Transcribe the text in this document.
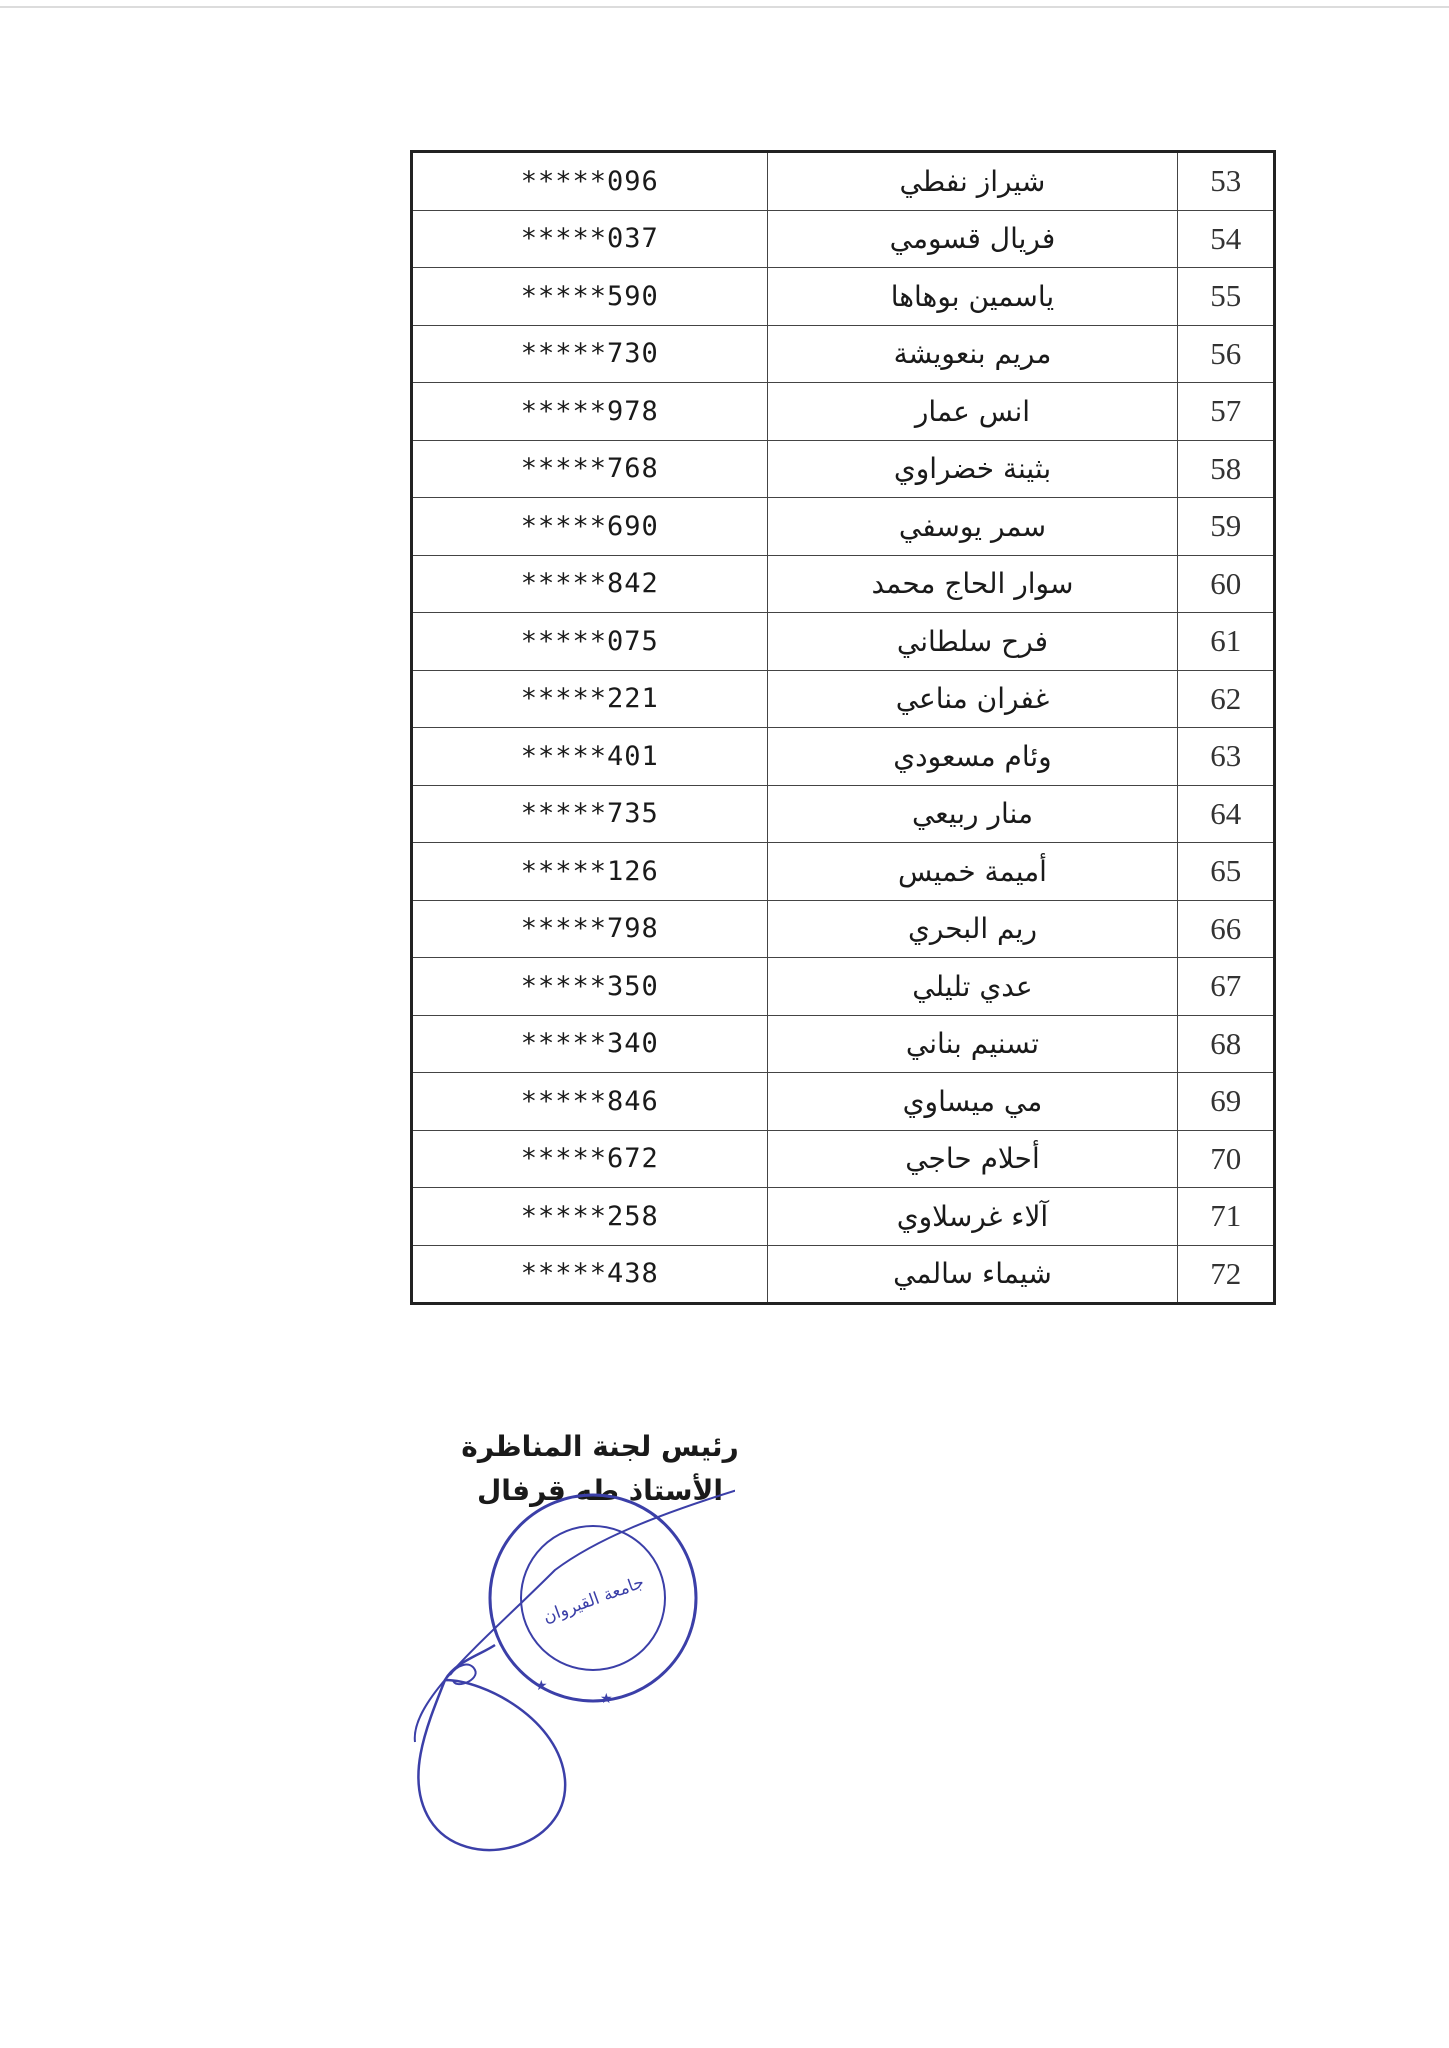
*****096	شيراز نفطي	53
*****037	فريال قسومي	54
*****590	ياسمين بوهاها	55
*****730	مريم بنعويشة	56
*****978	انس عمار	57
*****768	بثينة خضراوي	58
*****690	سمر يوسفي	59
*****842	سوار الحاج محمد	60
*****075	فرح سلطاني	61
*****221	غفران مناعي	62
*****401	وئام مسعودي	63
*****735	منار ربيعي	64
*****126	أميمة خميس	65
*****798	ريم البحري	66
*****350	عدي تليلي	67
*****340	تسنيم بناني	68
*****846	مي ميساوي	69
*****672	أحلام حاجي	70
*****258	آلاء غرسلاوي	71
*****438	شيماء سالمي	72
رئيس لجنة المناظرة
الأستاذ طه قرفال
جامعة القيروان
★
★
